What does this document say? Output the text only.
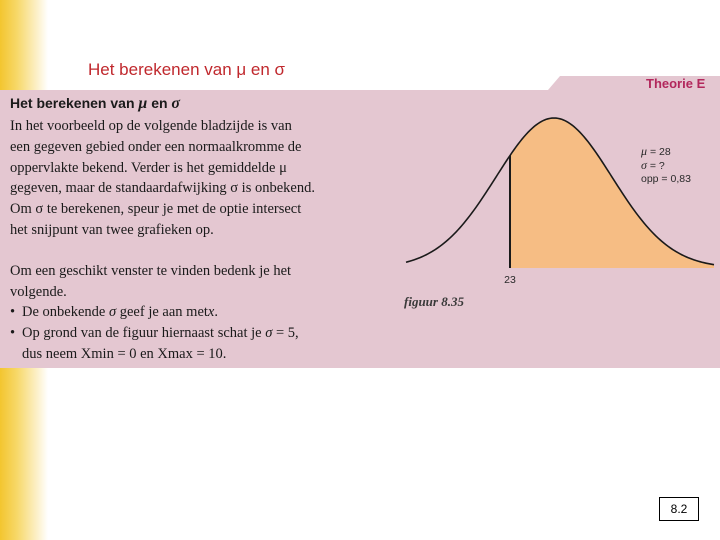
Het berekenen van μ en σ
Theorie E
Het berekenen van μ en σ
In het voorbeeld op de volgende bladzijde is van
een gegeven gebied onder een normaalkromme de
oppervlakte bekend. Verder is het gemiddelde μ
gegeven, maar de standaardafwijking σ is onbekend.
Om σ te berekenen, speur je met de optie intersect
het snijpunt van twee grafieken op.
Om een geschikt venster te vinden bedenk je het
volgende.
• De onbekende σ geef je aan metx.
• Op grond van de figuur hiernaast schat je σ = 5,
dus neem Xmin = 0 en Xmax = 10.
23
μ = 28
σ = ?
opp = 0,83
figuur 8.35
8.2
